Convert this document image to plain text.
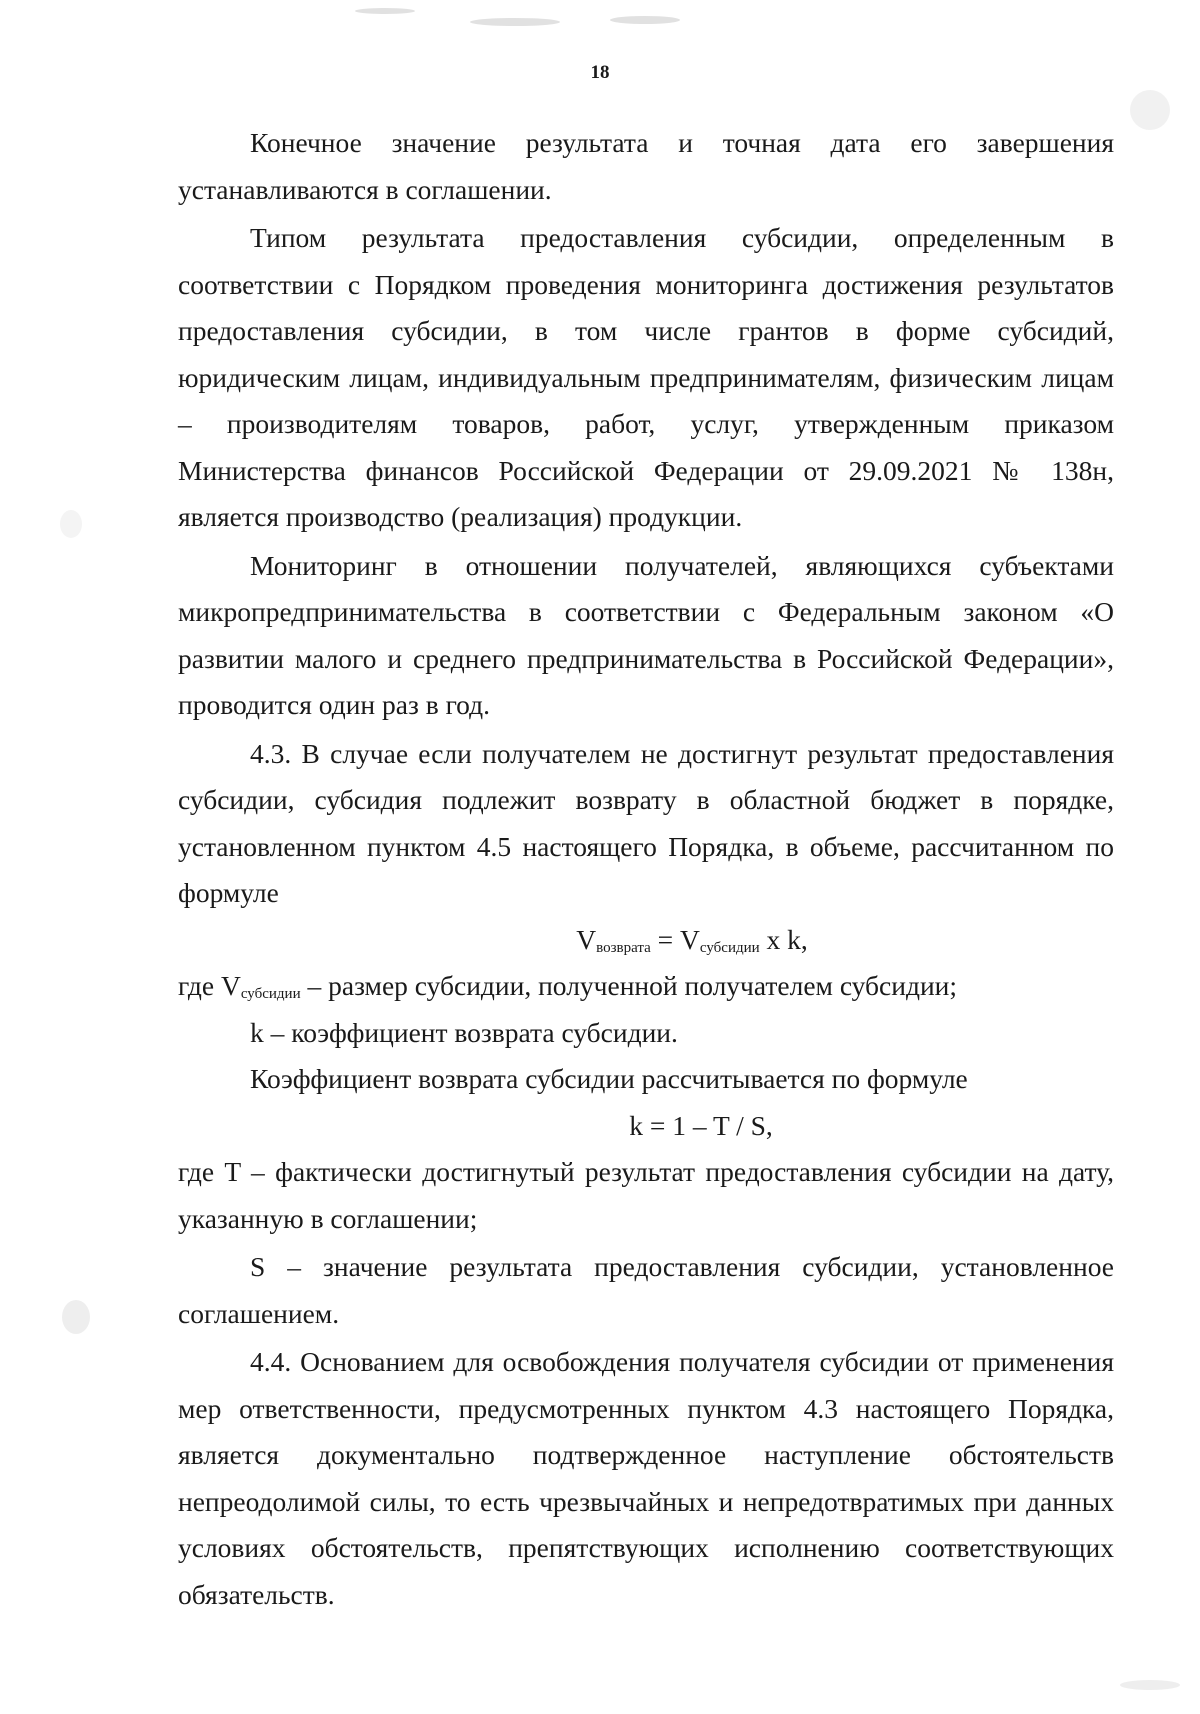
18

Конечное значение результата и точная дата его завершения устанавливаются в соглашении.

Типом результата предоставления субсидии, определенным в соответствии с Порядком проведения мониторинга достижения результатов предоставления субсидии, в том числе грантов в форме субсидий, юридическим лицам, индивидуальным предпринимателям, физическим лицам – производителям товаров, работ, услуг, утвержденным приказом Министерства финансов Российской Федерации от 29.09.2021 № 138н, является производство (реализация) продукции.

Мониторинг в отношении получателей, являющихся субъектами микропредпринимательства в соответствии с Федеральным законом «О развитии малого и среднего предпринимательства в Российской Федерации», проводится один раз в год.

4.3. В случае если получателем не достигнут результат предоставления субсидии, субсидия подлежит возврату в областной бюджет в порядке, установленном пунктом 4.5 настоящего Порядка, в объеме, рассчитанном по формуле

$V_{возврата} = V_{субсидии}$ x k,

где $V_{субсидии}$ – размер субсидии, полученной получателем субсидии;

k – коэффициент возврата субсидии.

Коэффициент возврата субсидии рассчитывается по формуле

k = 1 – T / S,

где T – фактически достигнутый результат предоставления субсидии на дату, указанную в соглашении;

S – значение результата предоставления субсидии, установленное соглашением.

4.4. Основанием для освобождения получателя субсидии от применения мер ответственности, предусмотренных пунктом 4.3 настоящего Порядка, является документально подтвержденное наступление обстоятельств непреодолимой силы, то есть чрезвычайных и непредотвратимых при данных условиях обстоятельств, препятствующих исполнению соответствующих обязательств.
